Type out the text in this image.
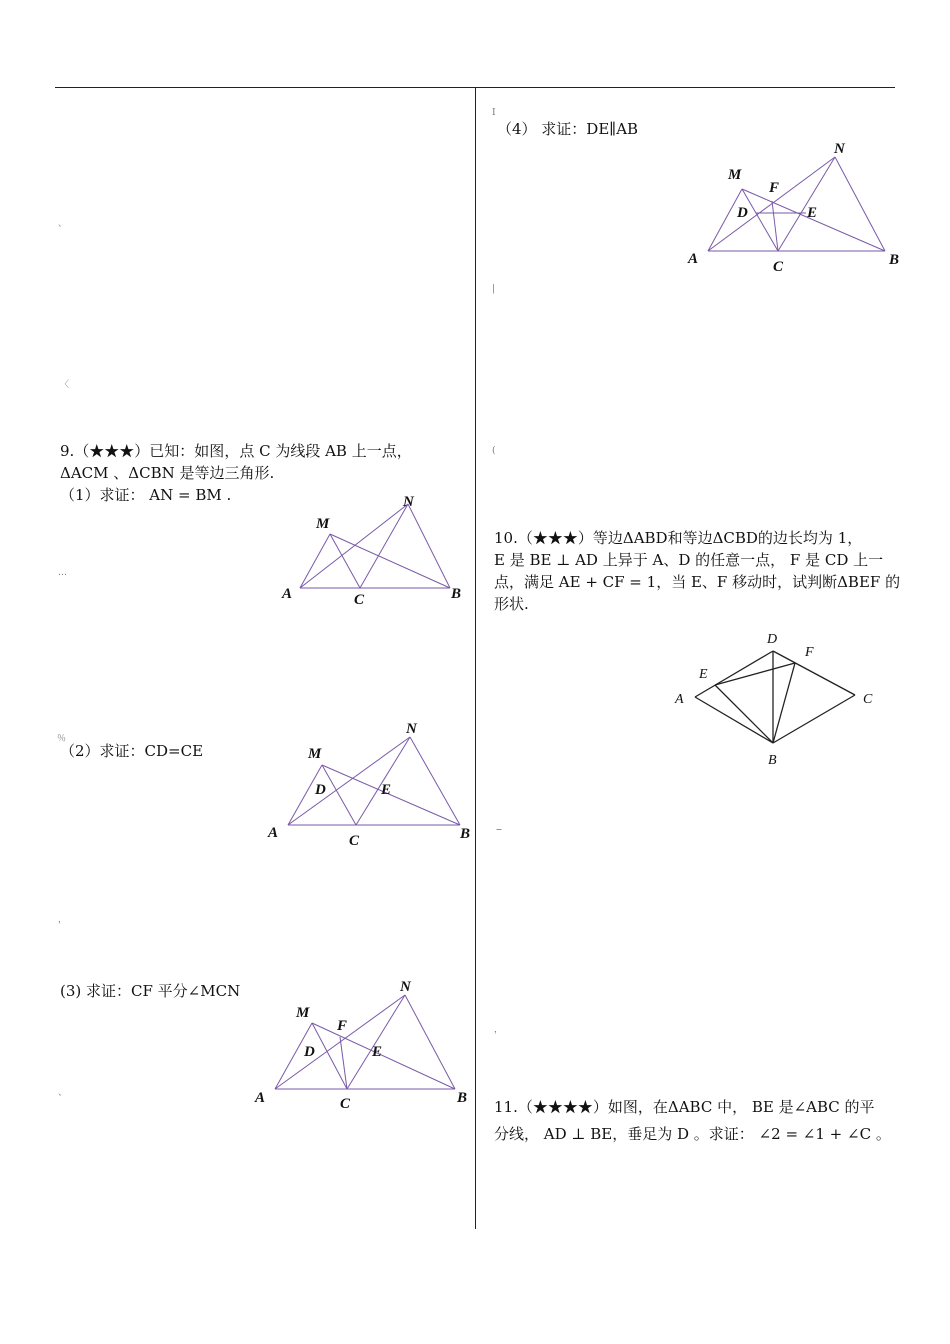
、
〈
…
％
，
、
I
|
(
–
，
9.（★★★）已知：如图，点 C 为线段 AB 上一点，
ΔACM 、ΔCBN 是等边三角形.
（1）求证： AN = BM .
A	C	B
M
N
（2）求证：CD=CE
A	C	B
M
N
D	E
(3) 求证：CF 平分∠MCN
A	C	B
M
N
F
D	E
（4） 求证：DE∥AB
A	C	B
M
N
F
D	E
10.（★★★）等边ΔABD和等边ΔCBD的边长均为 1，
E 是 BE ⊥ AD 上异于 A、D 的任意一点， F 是 CD 上一
点，满足 AE + CF = 1，当 E、F 移动时，试判断ΔBEF 的
形状.
D
F
E
A	C
B
11.（★★★★）如图，在ΔABC 中， BE 是∠ABC 的平
分线， AD ⊥ BE，垂足为 D 。求证： ∠2 = ∠1 + ∠C 。
